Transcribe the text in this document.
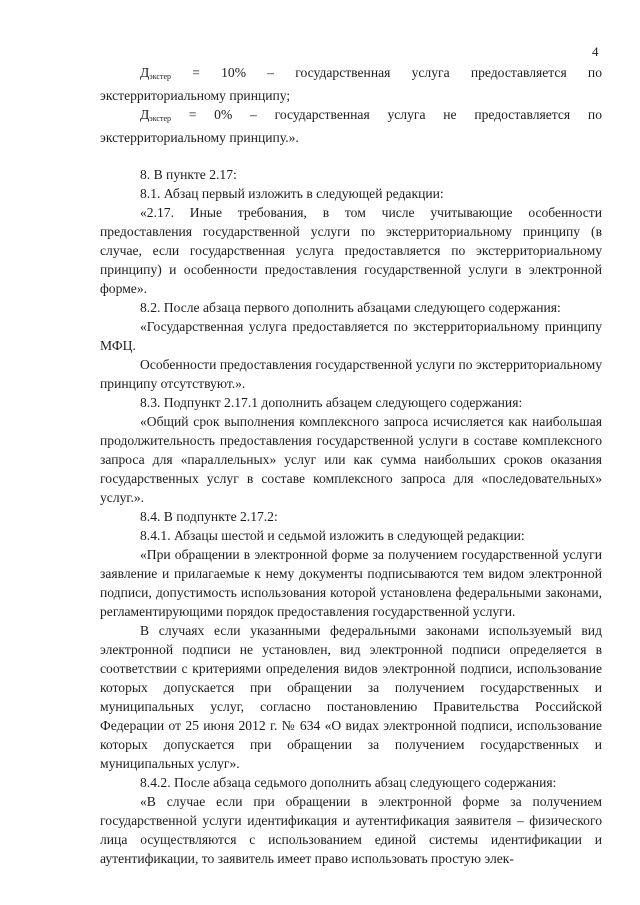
4

$Д_{экстер} = 10\%$ – государственная услуга предоставляется по экстерриториальному принципу;

$Д_{экстер} = 0\%$ – государственная услуга не предоставляется по экстерриториальному принципу.».

8. В пункте 2.17:

8.1. Абзац первый изложить в следующей редакции:

«2.17. Иные требования, в том числе учитывающие особенности предоставления государственной услуги по экстерриториальному принципу (в случае, если государственная услуга предоставляется по экстерриториальному принципу) и особенности предоставления государственной услуги в электронной форме».

8.2. После абзаца первого дополнить абзацами следующего содержания:

«Государственная услуга предоставляется по экстерриториальному принципу МФЦ.

Особенности предоставления государственной услуги по экстерриториальному принципу отсутствуют.».

8.3. Подпункт 2.17.1 дополнить абзацем следующего содержания:

«Общий срок выполнения комплексного запроса исчисляется как наибольшая продолжительность предоставления государственной услуги в составе комплексного запроса для «параллельных» услуг или как сумма наибольших сроков оказания государственных услуг в составе комплексного запроса для «последовательных» услуг.».

8.4. В подпункте 2.17.2:

8.4.1. Абзацы шестой и седьмой изложить в следующей редакции:

«При обращении в электронной форме за получением государственной услуги заявление и прилагаемые к нему документы подписываются тем видом электронной подписи, допустимость использования которой установлена федеральными законами, регламентирующими порядок предоставления государственной услуги.

В случаях если указанными федеральными законами используемый вид электронной подписи не установлен, вид электронной подписи определяется в соответствии с критериями определения видов электронной подписи, использование которых допускается при обращении за получением государственных и муниципальных услуг, согласно постановлению Правительства Российской Федерации от 25 июня 2012 г. № 634 «О видах электронной подписи, использование которых допускается при обращении за получением государственных и муниципальных услуг».

8.4.2. После абзаца седьмого дополнить абзац следующего содержания:

«В случае если при обращении в электронной форме за получением государственной услуги идентификация и аутентификация заявителя – физического лица осуществляются с использованием единой системы идентификации и аутентификации, то заявитель имеет право использовать простую элек-
